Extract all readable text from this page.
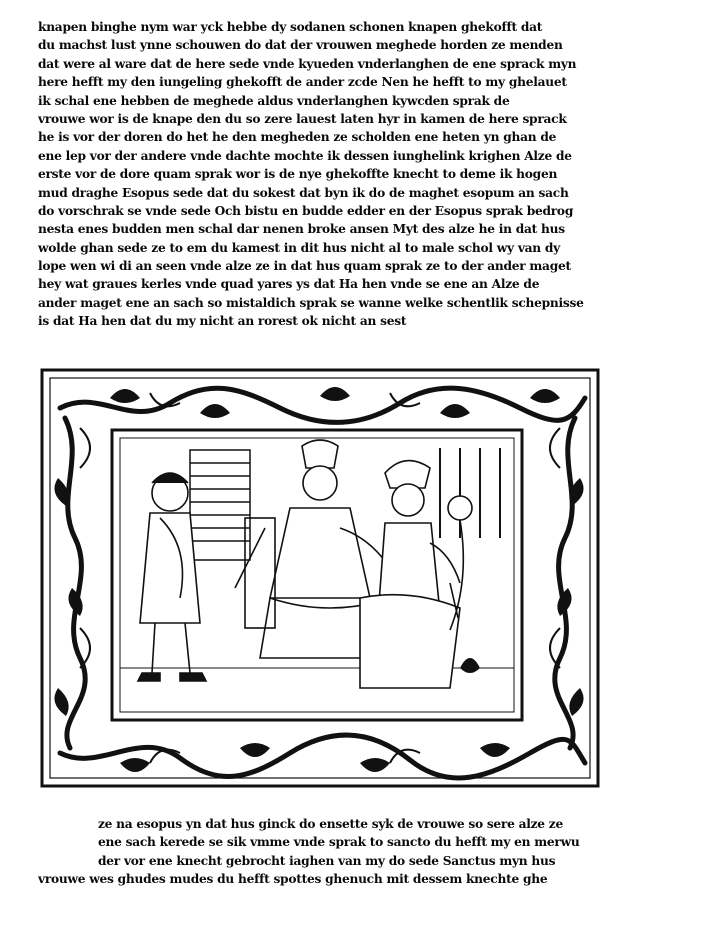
knapen binghe nym war yck hebbe dy sodanen schonen knapen ghekofft dat
du machst lust ynne schouwen do dat der vrouwen meghede horden ze menden
dat were al ware dat de here sede vnde kyueden vnderlanghen de ene sprack myn
here hefft my den iungeling ghekofft de ander zcde Nen he hefft to my ghelauet
ik schal ene hebben de meghede aldus vnderlanghen kywcden sprak de
vrouwe wor is de knape den du so zere lauest laten hyr in kamen de here sprack
he is vor der doren do het he den megheden ze scholden ene heten yn ghan de
ene lep vor der andere vnde dachte mochte ik dessen iunghelink krighen Alze de
erste vor de dore quam sprak wor is de nye ghekoffte knecht to deme ik hogen
mud draghe Esopus sede dat du sokest dat byn ik do de maghet esopum an sach
do vorschrak se vnde sede Och bistu en budde edder en der Esopus sprak bedrog
nesta enes budden men schal dar nenen broke ansen Myt des alze he in dat hus
wolde ghan sede ze to em du kamest in dit hus nicht al to male schol wy van dy
lope wen wi di an seen vnde alze ze in dat hus quam sprak ze to der ander maget
hey wat graues kerles vnde quad yares ys dat Ha hen vnde se ene an Alze de
ander maget ene an sach so mistaldich sprak se wanne welke schentlik schepnisse
is dat Ha hen dat du my nicht an rorest ok nicht an sest
ze na esopus yn dat hus ginck do ensette syk de vrouwe so sere alze ze
ene sach kerede se sik vmme vnde sprak to sancto du hefft my en merwu
der vor ene knecht gebrocht iaghen van my do sede Sanctus myn hus
vrouwe wes ghudes mudes du hefft spottes ghenuch mit dessem knechte ghe
